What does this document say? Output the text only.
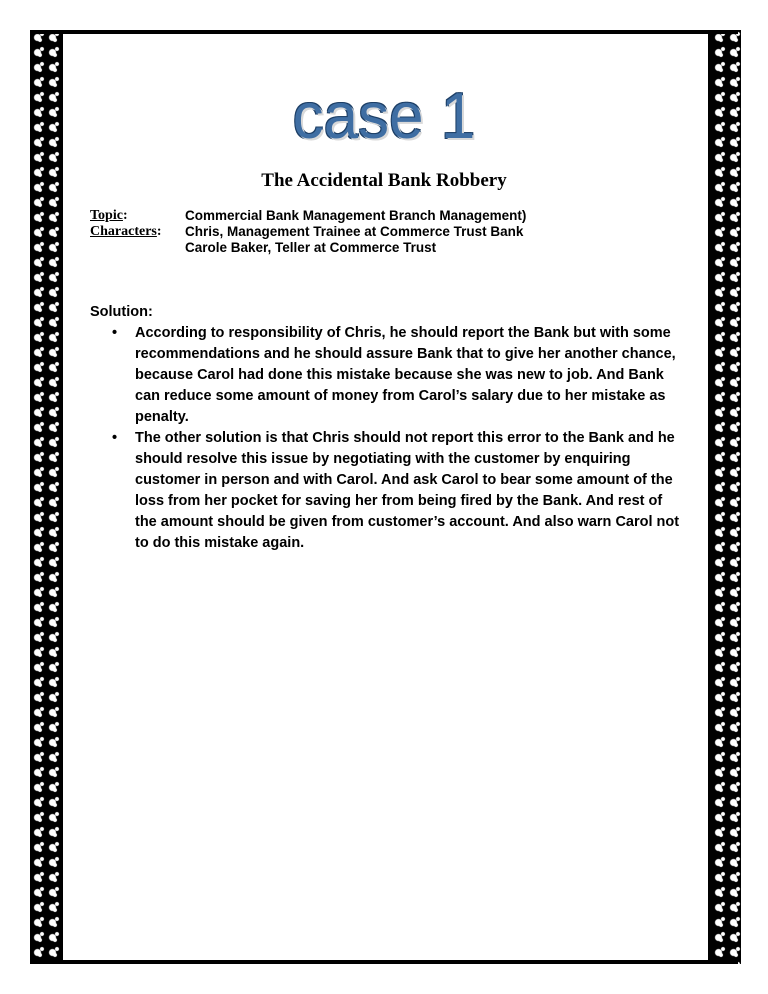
case 1
The Accidental Bank Robbery
Topic:	Commercial Bank Management Branch Management)
Characters:	Chris, Management Trainee at Commerce Trust Bank
Carole Baker, Teller at Commerce Trust
Solution:
• According to responsibility of Chris, he should report the Bank but with some recommendations and he should assure Bank that to give her another chance, because Carol had done this mistake because she was new to job. And Bank can reduce some amount of money from Carol’s salary due to her mistake as penalty.
• The other solution is that Chris should not report this error to the Bank and he should resolve this issue by negotiating with the customer by enquiring customer in person and with Carol. And ask Carol to bear some amount of the loss from her pocket for saving her from being fired by the Bank. And rest of the amount should be given from customer’s account. And also warn Carol not to do this mistake again.
